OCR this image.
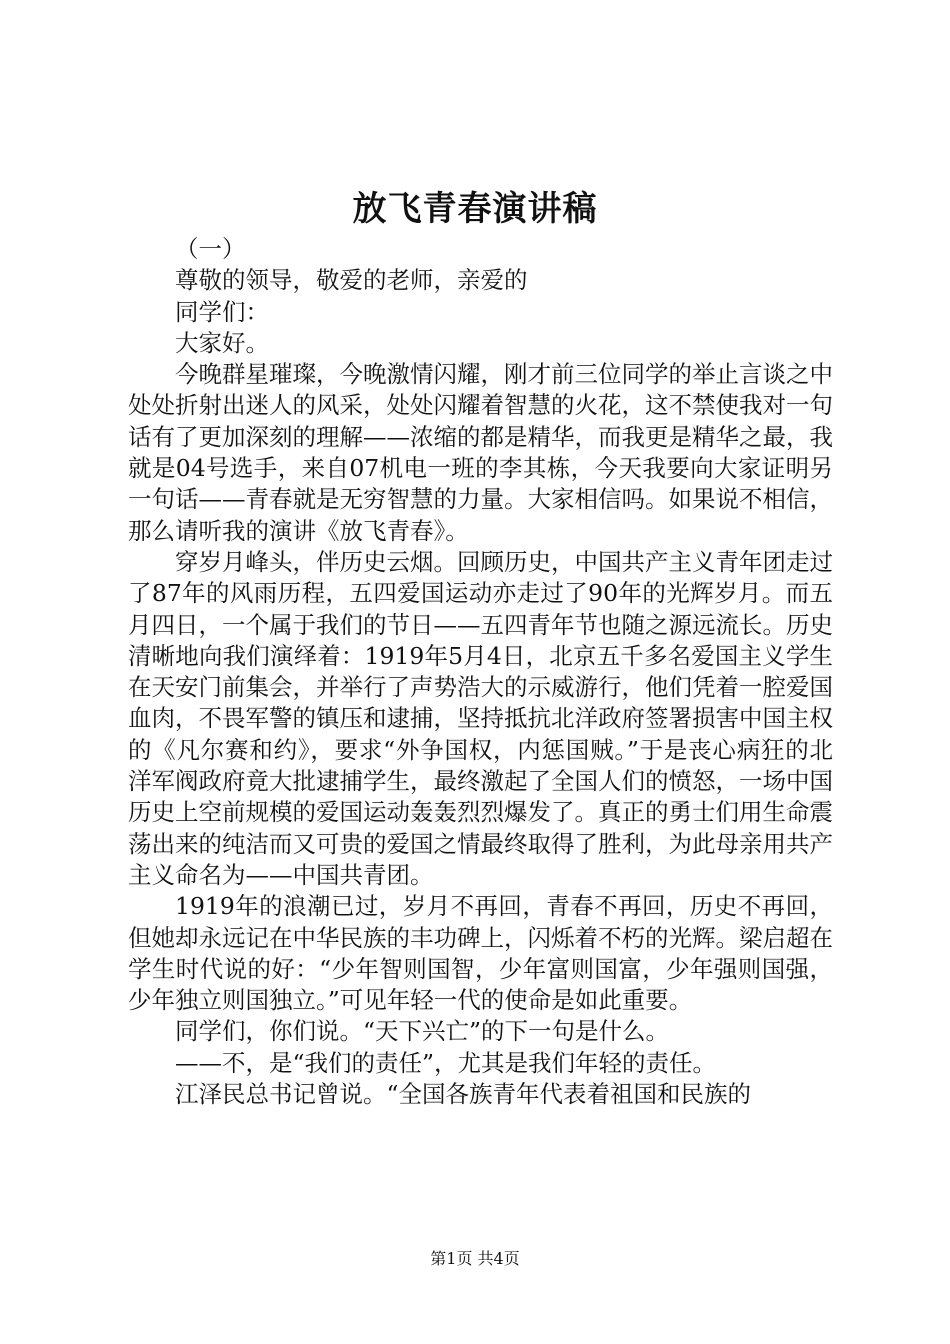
放飞青春演讲稿

（一）

尊敬的领导，敬爱的老师，亲爱的

同学们：

大家好。

今晚群星璀璨，今晚激情闪耀，刚才前三位同学的举止言谈之中处处折射出迷人的风采，处处闪耀着智慧的火花，这不禁使我对一句话有了更加深刻的理解——浓缩的都是精华，而我更是精华之最，我就是04号选手，来自07机电一班的李其栋，今天我要向大家证明另一句话——青春就是无穷智慧的力量。大家相信吗。如果说不相信，那么请听我的演讲《放飞青春》。

穿岁月峰头，伴历史云烟。回顾历史，中国共产主义青年团走过了87年的风雨历程，五四爱国运动亦走过了90年的光辉岁月。而五月四日，一个属于我们的节日——五四青年节也随之源远流长。历史清晰地向我们演绎着：1919年5月4日，北京五千多名爱国主义学生在天安门前集会，并举行了声势浩大的示威游行，他们凭着一腔爱国血肉，不畏军警的镇压和逮捕，坚持抵抗北洋政府签署损害中国主权的《凡尔赛和约》，要求“外争国权，内惩国贼。”于是丧心病狂的北洋军阀政府竟大批逮捕学生，最终激起了全国人们的愤怒，一场中国历史上空前规模的爱国运动轰轰烈烈爆发了。真正的勇士们用生命震荡出来的纯洁而又可贵的爱国之情最终取得了胜利，为此母亲用共产主义命名为——中国共青团。

1919年的浪潮已过，岁月不再回，青春不再回，历史不再回，但她却永远记在中华民族的丰功碑上，闪烁着不朽的光辉。梁启超在学生时代说的好：“少年智则国智，少年富则国富，少年强则国强，少年独立则国独立。”可见年轻一代的使命是如此重要。

同学们，你们说。“天下兴亡”的下一句是什么。

——不，是“我们的责任”，尤其是我们年轻的责任。

江泽民总书记曾说。“全国各族青年代表着祖国和民族的

第1页 共4页
